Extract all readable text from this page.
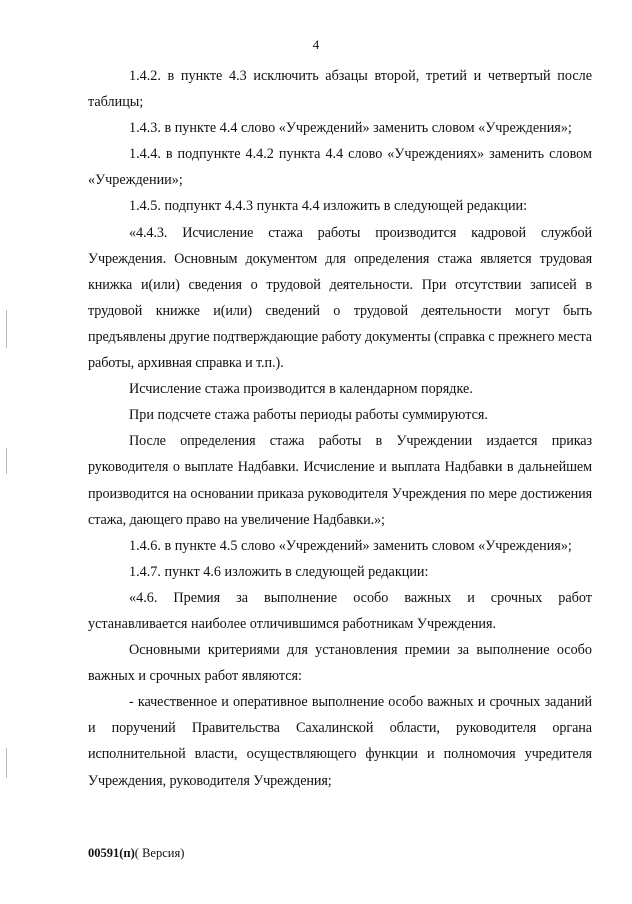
4

1.4.2. в пункте 4.3 исключить абзацы второй, третий и четвертый после таблицы;

1.4.3. в пункте 4.4 слово «Учреждений» заменить словом «Учреждения»;

1.4.4. в подпункте 4.4.2 пункта 4.4 слово «Учреждениях» заменить словом «Учреждении»;

1.4.5. подпункт 4.4.3 пункта 4.4 изложить в следующей редакции:

«4.4.3. Исчисление стажа работы производится кадровой службой Учреждения. Основным документом для определения стажа является трудовая книжка и(или) сведения о трудовой деятельности. При отсутствии записей в трудовой книжке и(или) сведений о трудовой деятельности могут быть предъявлены другие подтверждающие работу документы (справка с прежнего места работы, архивная справка и т.п.).

Исчисление стажа производится в календарном порядке.

При подсчете стажа работы периоды работы суммируются.

После определения стажа работы в Учреждении издается приказ руководителя о выплате Надбавки. Исчисление и выплата Надбавки в дальнейшем производится на основании приказа руководителя Учреждения по мере достижения стажа, дающего право на увеличение Надбавки.»;

1.4.6. в пункте 4.5 слово «Учреждений» заменить словом «Учреждения»;

1.4.7. пункт 4.6 изложить в следующей редакции:

«4.6. Премия за выполнение особо важных и срочных работ устанавливается наиболее отличившимся работникам Учреждения.

Основными критериями для установления премии за выполнение особо важных и срочных работ являются:

- качественное и оперативное выполнение особо важных и срочных заданий и поручений Правительства Сахалинской области, руководителя органа исполнительной власти, осуществляющего функции и полномочия учредителя Учреждения, руководителя Учреждения;

00591(п)( Версия)
